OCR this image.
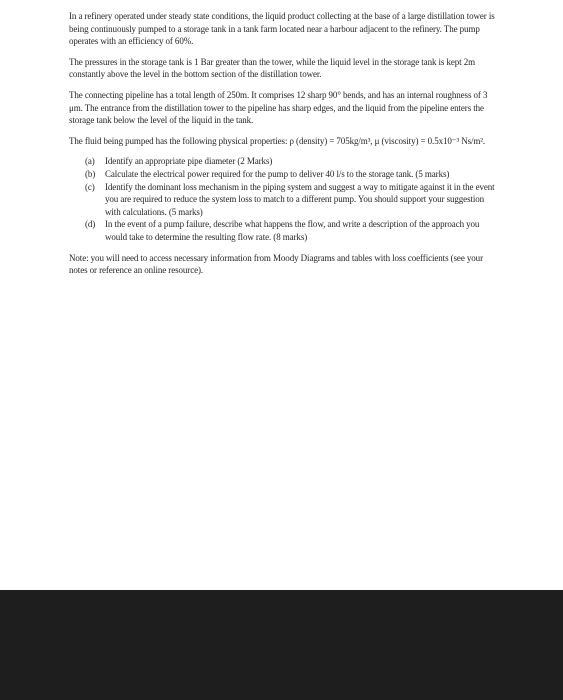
In a refinery operated under steady state conditions, the liquid product collecting at the base of a large distillation tower is being continuously pumped to a storage tank in a tank farm located near a harbour adjacent to the refinery. The pump operates with an efficiency of 60%.

The pressures in the storage tank is 1 Bar greater than the tower, while the liquid level in the storage tank is kept 2m constantly above the level in the bottom section of the distillation tower.

The connecting pipeline has a total length of 250m. It comprises 12 sharp 90° bends, and has an internal roughness of 3 μm. The entrance from the distillation tower to the pipeline has sharp edges, and the liquid from the pipeline enters the storage tank below the level of the liquid in the tank.

The fluid being pumped has the following physical properties: ρ (density) = 705kg/m³, μ (viscosity) = 0.5x10⁻³ Ns/m².

(a)	Identify an appropriate pipe diameter (2 Marks)
(b)	Calculate the electrical power required for the pump to deliver 40 l/s to the storage tank. (5 marks)
(c)	Identify the dominant loss mechanism in the piping system and suggest a way to mitigate against it in the event you are required to reduce the system loss to match to a different pump. You should support your suggestion with calculations. (5 marks)
(d)	In the event of a pump failure, describe what happens the flow, and write a description of the approach you would take to determine the resulting flow rate. (8 marks)

Note: you will need to access necessary information from Moody Diagrams and tables with loss coefficients (see your notes or reference an online resource).
